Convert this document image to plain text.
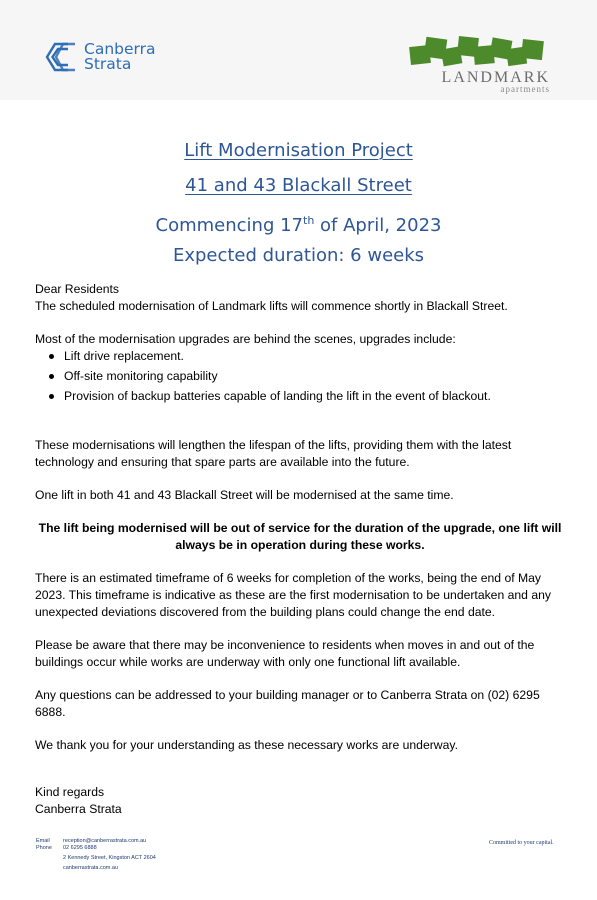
Canberra
Strata
LANDMARK
apartments
Lift Modernisation Project
41 and 43 Blackall Street
Commencing 17th of April, 2023
Expected duration: 6 weeks

Dear Residents

The scheduled modernisation of Landmark lifts will commence shortly in Blackall Street.

Most of the modernisation upgrades are behind the scenes, upgrades include:

Lift drive replacement.
Off-site monitoring capability
Provision of backup batteries capable of landing the lift in the event of blackout.

These modernisations will lengthen the lifespan of the lifts, providing them with the latest technology and ensuring that spare parts are available into the future.

One lift in both 41 and 43 Blackall Street will be modernised at the same time.

The lift being modernised will be out of service for the duration of the upgrade, one lift will always be in operation during these works.

There is an estimated timeframe of 6 weeks for completion of the works, being the end of May 2023. This timeframe is indicative as these are the first modernisation to be undertaken and any unexpected deviations discovered from the building plans could change the end date.

Please be aware that there may be inconvenience to residents when moves in and out of the buildings occur while works are underway with only one functional lift available.

Any questions can be addressed to your building manager or to Canberra Strata on (02) 6295 6888.

We thank you for your understanding as these necessary works are underway.

Kind regards

Canberra Strata

Email	reception@canberrastrata.com.au
Phone	02 6295 6888
2 Kennedy Street, Kingston ACT 2604
canberrastrata.com.au
Committed to your capital.
